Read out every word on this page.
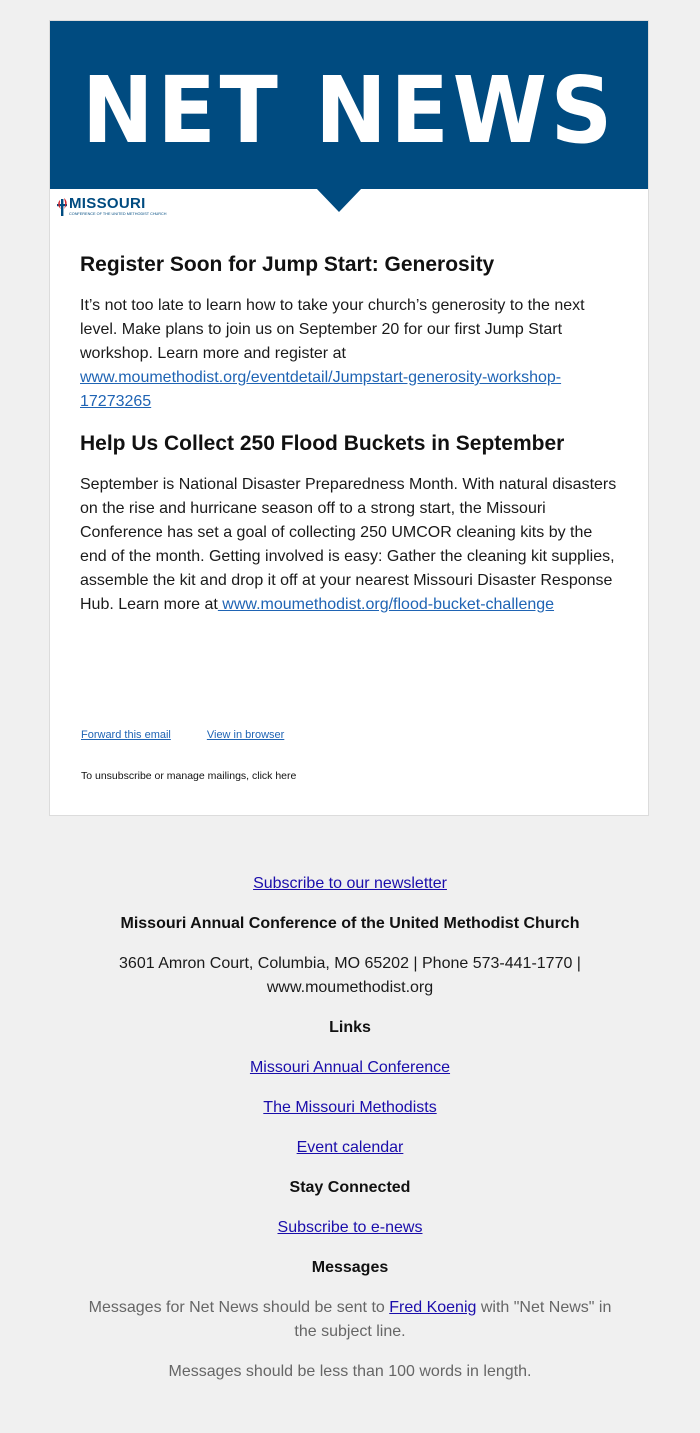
NET NEWS
MISSOURI
CONFERENCE OF THE UNITED METHODIST CHURCH
Register Soon for Jump Start: Generosity

It’s not too late to learn how to take your church’s generosity to the next level. Make plans to join us on September 20 for our first Jump Start workshop. Learn more and register at www.moumethodist.org/eventdetail/Jumpstart-generosity-workshop-17273265

Help Us Collect 250 Flood Buckets in September

September is National Disaster Preparedness Month. With natural disasters on the rise and hurricane season off to a strong start, the Missouri Conference has set a goal of collecting 250 UMCOR cleaning kits by the end of the month. Getting involved is easy: Gather the cleaning kit supplies, assemble the kit and drop it off at your nearest Missouri Disaster Response Hub. Learn more at www.moumethodist.org/flood-bucket-challenge

Forward this email	View in browser
To unsubscribe or manage mailings, click here

Subscribe to our newsletter

Missouri Annual Conference of the United Methodist Church

3601 Amron Court, Columbia, MO 65202 | Phone 573-441-1770 | www.moumethodist.org

Links

Missouri Annual Conference

The Missouri Methodists

Event calendar

Stay Connected

Subscribe to e-news

Messages

Messages for Net News should be sent to Fred Koenig with "Net News" in the subject line.

Messages should be less than 100 words in length.
